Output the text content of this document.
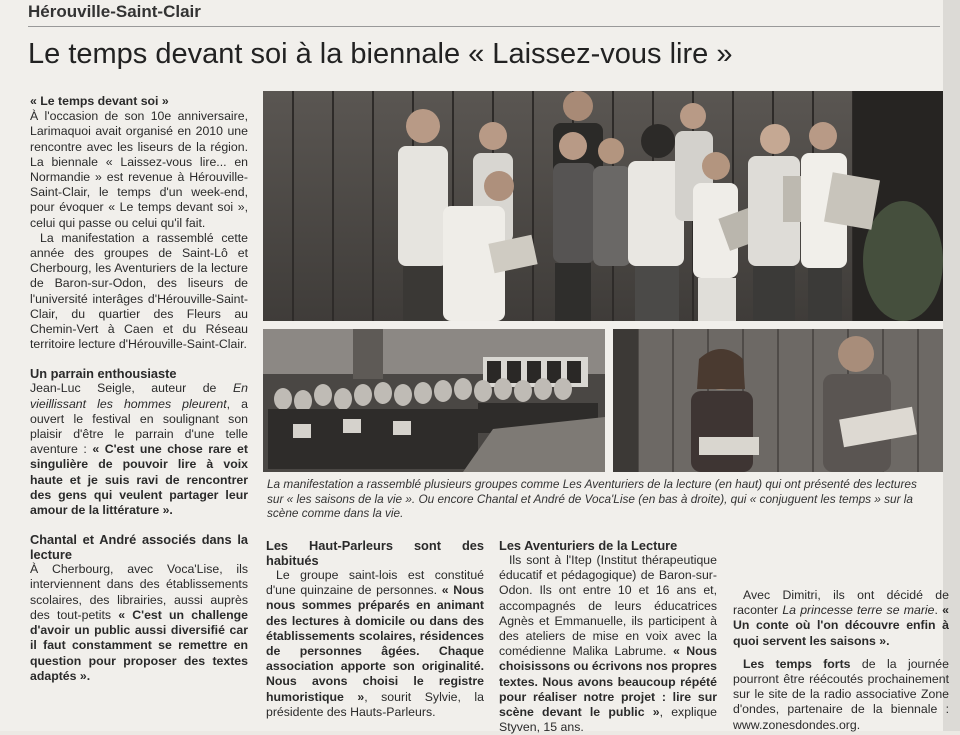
Hérouville-Saint-Clair
Le temps devant soi à la biennale « Laissez-vous lire »

« Le temps devant soi »

À l'occasion de son 10e anniversaire, Larimaquoi avait organisé en 2010 une rencontre avec les liseurs de la région. La biennale « Laissez-vous lire... en Normandie » est revenue à Hérouville-Saint-Clair, le temps d'un week-end, pour évoquer « Le temps devant soi », celui qui passe ou celui qu'il fait.

La manifestation a rassemblé cette année des groupes de Saint-Lô et Cherbourg, les Aventuriers de la lecture de Baron-sur-Odon, des liseurs de l'université interâges d'Hérouville-Saint-Clair, du quartier des Fleurs au Chemin-Vert à Caen et du Réseau territoire lecture d'Hérouville-Saint-Clair.

Un parrain enthousiaste

Jean-Luc Seigle, auteur de En vieillissant les hommes pleurent, a ouvert le festival en soulignant son plaisir d'être le parrain d'une telle aventure : « C'est une chose rare et singulière de pouvoir lire à voix haute et je suis ravi de rencontrer des gens qui veulent partager leur amour de la littérature ».

Chantal et André associés dans la lecture

À Cherbourg, avec Voca'Lise, ils interviennent dans des établissements scolaires, des librairies, aussi auprès des tout-petits « C'est un challenge d'avoir un public aussi diversifié car il faut constamment se remettre en question pour proposer des textes adaptés ».

La manifestation a rassemblé plusieurs groupes comme Les Aventuriers de la lecture (en haut) qui ont présenté des lectures sur « les saisons de la vie ». Ou encore Chantal et André de Voca'Lise (en bas à droite), qui « conjuguent les temps » sur la scène comme dans la vie.
Les Haut-Parleurs sont des habitués

Le groupe saint-lois est constitué d'une quinzaine de personnes. « Nous nous sommes préparés en animant des lectures à domicile ou dans des établissements scolaires, résidences de personnes âgées. Chaque association apporte son originalité. Nous avons choisi le registre humoristique », sourit Sylvie, la présidente des Hauts-Parleurs.

Les Aventuriers de la Lecture

Ils sont à l'Itep (Institut thérapeutique éducatif et pédagogique) de Baron-sur-Odon. Ils ont entre 10 et 16 ans et, accompagnés de leurs éducatrices Agnès et Emmanuelle, ils participent à des ateliers de mise en voix avec la comédienne Malika Labrume. « Nous choisissons ou écrivons nos propres textes. Nous avons beaucoup répété pour réaliser notre projet : lire sur scène devant le public », explique Styven, 15 ans.

Avec Dimitri, ils ont décidé de raconter La princesse terre se marie. « Un conte où l'on découvre enfin à quoi servent les saisons ».

Les temps forts de la journée pourront être réécoutés prochainement sur le site de la radio associative Zone d'ondes, partenaire de la biennale : www.zonesdondes.org.
